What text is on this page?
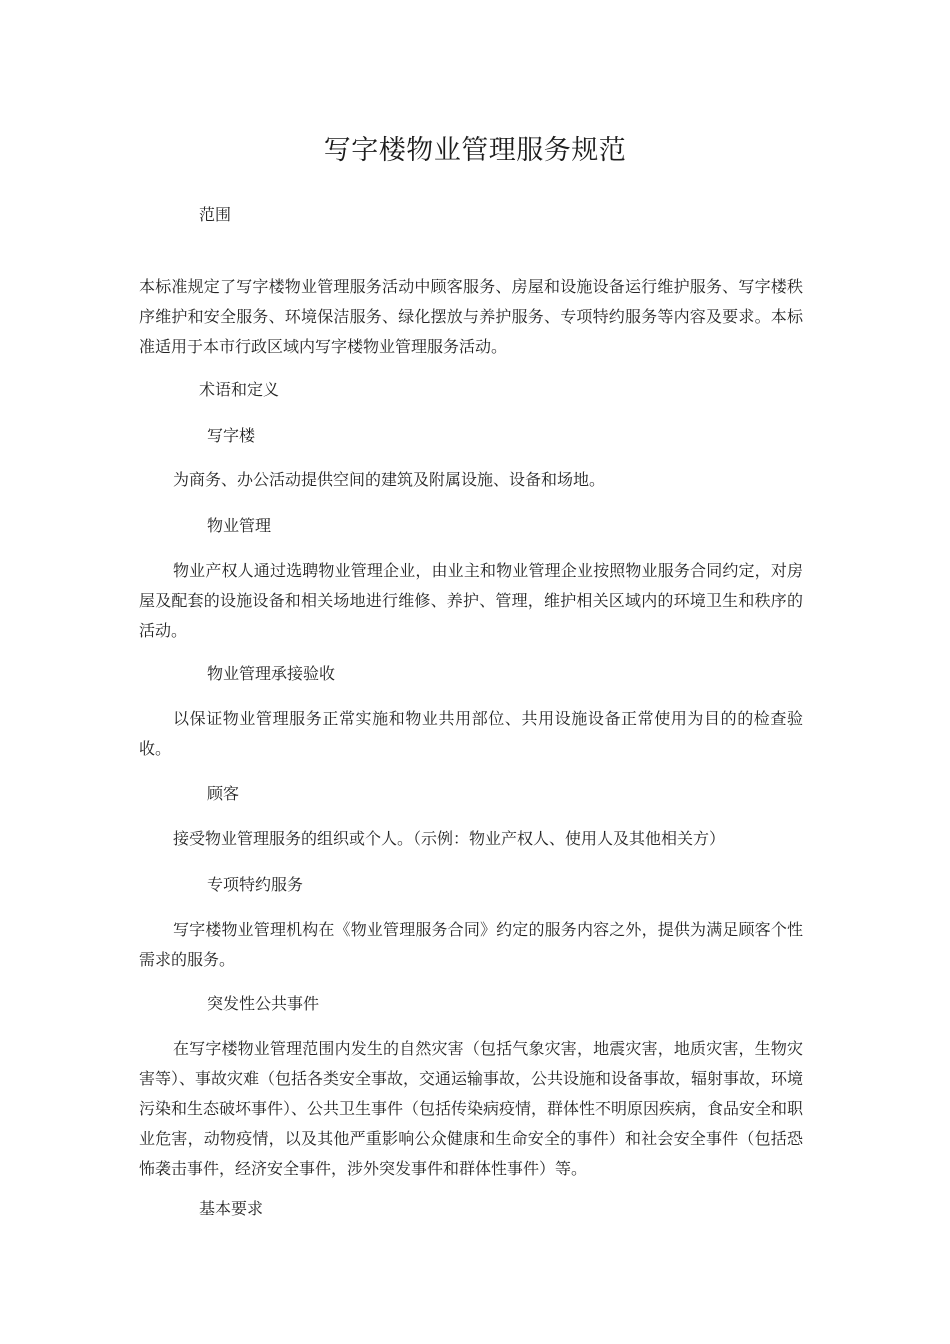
写字楼物业管理服务规范
范围
本标准规定了写字楼物业管理服务活动中顾客服务、房屋和设施设备运行维护服务、写字楼秩序维护和安全服务、环境保洁服务、绿化摆放与养护服务、专项特约服务等内容及要求。本标准适用于本市行政区域内写字楼物业管理服务活动。
术语和定义
写字楼
为商务、办公活动提供空间的建筑及附属设施、设备和场地。
物业管理
物业产权人通过选聘物业管理企业，由业主和物业管理企业按照物业服务合同约定，对房屋及配套的设施设备和相关场地进行维修、养护、管理，维护相关区域内的环境卫生和秩序的活动。
物业管理承接验收
以保证物业管理服务正常实施和物业共用部位、共用设施设备正常使用为目的的检查验收。
顾客
接受物业管理服务的组织或个人。（示例：物业产权人、使用人及其他相关方）
专项特约服务
写字楼物业管理机构在《物业管理服务合同》约定的服务内容之外，提供为满足顾客个性需求的服务。
突发性公共事件
在写字楼物业管理范围内发生的自然灾害（包括气象灾害，地震灾害，地质灾害，生物灾害等）、事故灾难（包括各类安全事故，交通运输事故，公共设施和设备事故，辐射事故，环境污染和生态破坏事件）、公共卫生事件（包括传染病疫情，群体性不明原因疾病，食品安全和职业危害，动物疫情，以及其他严重影响公众健康和生命安全的事件）和社会安全事件（包括恐怖袭击事件，经济安全事件，涉外突发事件和群体性事件）等。
基本要求
